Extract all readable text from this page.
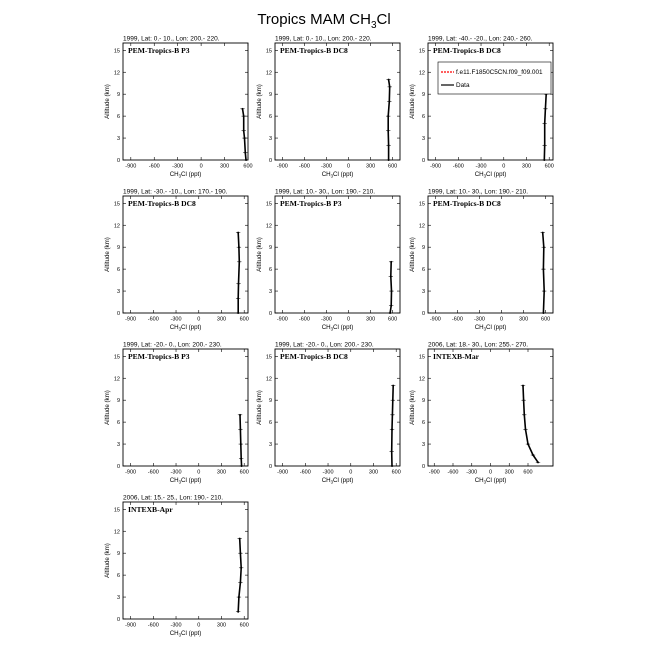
Tropics MAM $CH_3Cl$
1999, Lat: 0.- 10., Lon: 200.- 220.
PEM-Tropics-B P3
-900 -600 -300	0	300	600
0
3
6
9
12
15
$CH_3Cl$ (ppt)
Altitude (km)
1999, Lat: 0.- 10., Lon: 200.- 220.
PEM-Tropics-B DC8
-900 -600 -300	0	300 600
0
3
6
9
12
15
$CH_3Cl$ (ppt)
Altitude (km)
1999, Lat: -40.- -20., Lon: 240.- 260.
PEM-Tropics-B DC8
-900 -600 -300	0	300 600
0
3
6
9
12
15
$CH_3Cl$ (ppt)
Altitude (km)
f.e11.F1850C5CN.f09_f09.001
Data
1999, Lat: -30.- -10., Lon: 170.- 190.
PEM-Tropics-B DC8
-900 -600 -300	0	300 600
0
3
6
9
12
15
$CH_3Cl$ (ppt)
Altitude (km)
1999, Lat: 10.- 30., Lon: 190.- 210.
PEM-Tropics-B P3
-900 -600 -300	0	300 600
0
3
6
9
12
15
$CH_3Cl$ (ppt)
Altitude (km)
1999, Lat: 10.- 30., Lon: 190.- 210.
PEM-Tropics-B DC8
-900 -600 -300	0	300 600
0
3
6
9
12
15
$CH_3Cl$ (ppt)
Altitude (km)
1999, Lat: -20.- 0., Lon: 200.- 230.
PEM-Tropics-B P3
-900 -600 -300	0	300 600
0
3
6
9
12
15
$CH_3Cl$ (ppt)
Altitude (km)
1999, Lat: -20.- 0., Lon: 200.- 230.
PEM-Tropics-B DC8
-900 -600 -300	0	300 600
0
3
6
9
12
15
$CH_3Cl$ (ppt)
Altitude (km)
2006, Lat: 18.- 30., Lon: 255.- 270.
INTEXB-Mar
-900 -600 -300 0 300 600
0
3
6
9
12
15
$CH_3Cl$ (ppt)
Altitude (km)
2006, Lat: 15.- 25., Lon: 190.- 210.
INTEXB-Apr
-900 -600 -300	0	300 600
0
3
6
9
12
15
$CH_3Cl$ (ppt)
Altitude (km)
